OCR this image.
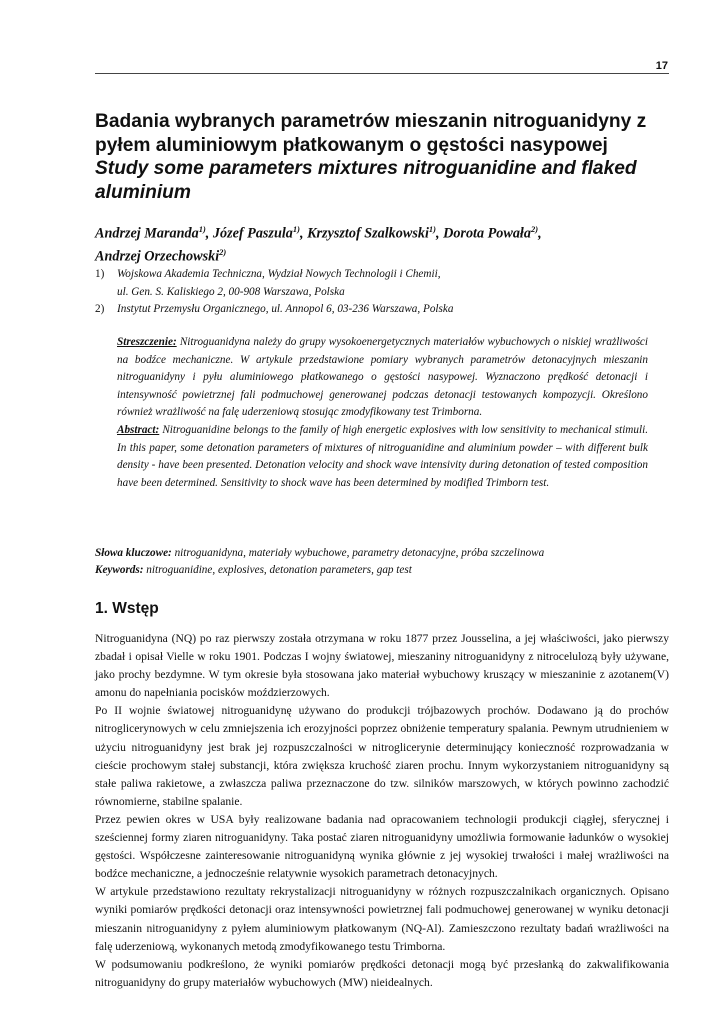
17

Badania wybranych parametrów mieszanin nitroguanidyny z pyłem aluminiowym płatkowanym o gęstości nasypowej

Study some parameters mixtures nitroguanidine and flaked aluminium

Andrzej Maranda$^{1)}$, Józef Paszula$^{1)}$, Krzysztof Szalkowski$^{1)}$, Dorota Powała$^{2)}$,
Andrzej Orzechowski$^{2)}$
1)	Wojskowa Akademia Techniczna, Wydział Nowych Technologii i Chemii,
ul. Gen. S. Kaliskiego 2, 00-908 Warszawa, Polska
2)	Instytut Przemysłu Organicznego, ul. Annopol 6, 03-236 Warszawa, Polska

Streszczenie: Nitroguanidyna należy do grupy wysokoenergetycznych materiałów wybuchowych o niskiej wrażliwości na bodźce mechaniczne. W artykule przedstawione pomiary wybranych parametrów detonacyjnych mieszanin nitroguanidyny i pyłu aluminiowego płatkowanego o gęstości nasypowej. Wyznaczono prędkość detonacji i intensywność powietrznej fali podmuchowej generowanej podczas detonacji testowanych kompozycji. Określono również wrażliwość na falę uderzeniową stosując zmodyfikowany test Trimborna.

Abstract: Nitroguanidine belongs to the family of high energetic explosives with low sensitivity to mechanical stimuli. In this paper, some detonation parameters of mixtures of nitroguanidine and aluminium powder – with different bulk density - have been presented. Detonation velocity and shock wave intensivity during detonation of tested composition have been determined. Sensitivity to shock wave has been determined by modified Trimborn test.

Słowa kluczowe: nitroguanidyna, materiały wybuchowe, parametry detonacyjne, próba szczelinowa

Keywords: nitroguanidine, explosives, detonation parameters, gap test

1. Wstęp

Nitroguanidyna (NQ) po raz pierwszy została otrzymana w roku 1877 przez Jousselina, a jej właściwości, jako pierwszy zbadał i opisał Vielle w roku 1901. Podczas I wojny światowej, mieszaniny nitroguanidyny z nitrocelulozą były używane, jako prochy bezdymne. W tym okresie była stosowana jako materiał wybuchowy kruszący w mieszaninie z azotanem(V) amonu do napełniania pocisków moździerzowych.

Po II wojnie światowej nitroguanidynę używano do produkcji trójbazowych prochów. Dodawano ją do prochów nitroglicerynowych w celu zmniejszenia ich erozyjności poprzez obniżenie temperatury spalania. Pewnym utrudnieniem w użyciu nitroguanidyny jest brak jej rozpuszczalności w nitroglicerynie determinujący konieczność rozprowadzania w cieście prochowym stałej substancji, która zwiększa kruchość ziaren prochu. Innym wykorzystaniem nitroguanidyny są stałe paliwa rakietowe, a zwłaszcza paliwa przeznaczone do tzw. silników marszowych, w których powinno zachodzić równomierne, stabilne spalanie.

Przez pewien okres w USA były realizowane badania nad opracowaniem technologii produkcji ciągłej, sferycznej i sześciennej formy ziaren nitroguanidyny. Taka postać ziaren nitroguanidyny umożliwia formowanie ładunków o wysokiej gęstości. Współczesne zainteresowanie nitroguanidyną wynika głównie z jej wysokiej trwałości i małej wrażliwości na bodźce mechaniczne, a jednocześnie relatywnie wysokich parametrach detonacyjnych.

W artykule przedstawiono rezultaty rekrystalizacji nitroguanidyny w różnych rozpuszczalnikach organicznych. Opisano wyniki pomiarów prędkości detonacji oraz intensywności powietrznej fali podmuchowej generowanej w wyniku detonacji mieszanin nitroguanidyny z pyłem aluminiowym płatkowanym (NQ-Al). Zamieszczono rezultaty badań wrażliwości na falę uderzeniową, wykonanych metodą zmodyfikowanego testu Trimborna.

W podsumowaniu podkreślono, że wyniki pomiarów prędkości detonacji mogą być przesłanką do zakwalifikowania nitroguanidyny do grupy materiałów wybuchowych (MW) nieidealnych.
